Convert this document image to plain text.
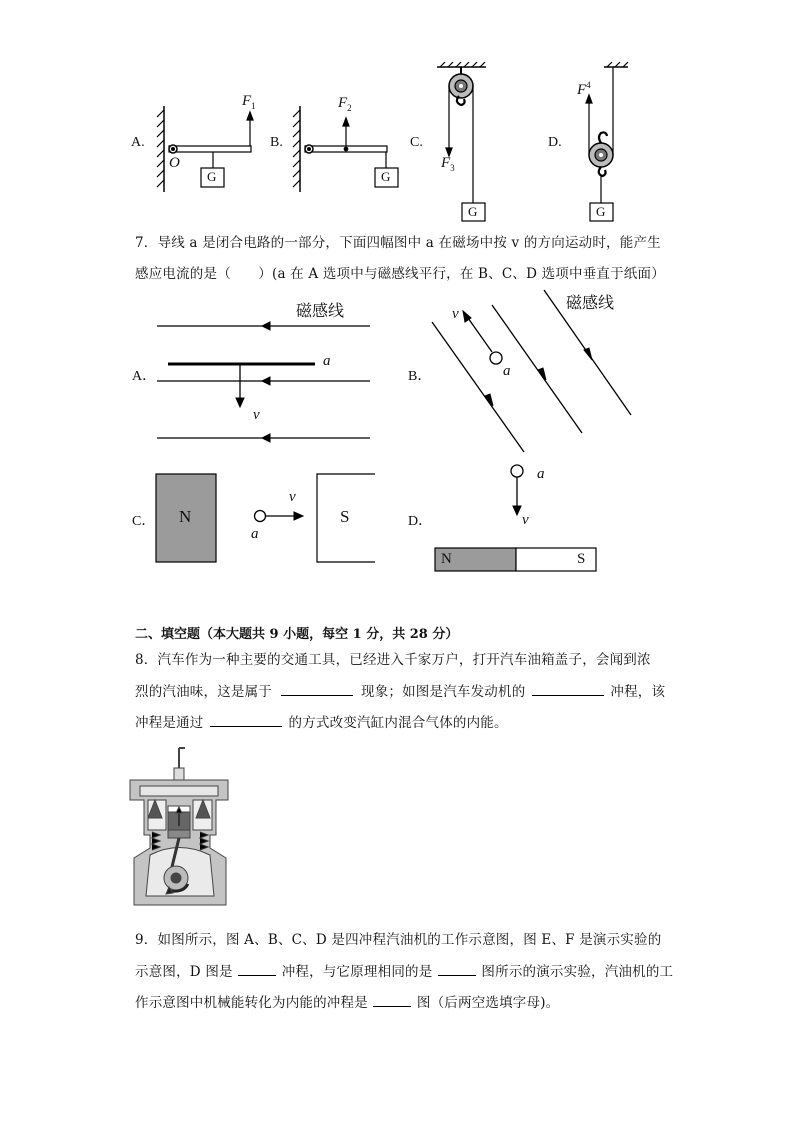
A.	B.	C.	D.
$F_1$	$F_2$
$F_3$
$F^4$
O
G	G
G	G
7．导线 a 是闭合电路的一部分，下面四幅图中 a 在磁场中按 v 的方向运动时，能产生
感应电流的是（　　）(a 在 A 选项中与磁感线平行，在 B、C、D 选项中垂直于纸面）
A．	B．
C．	D．
磁感线	磁感线
a
v
v
a
v
a
a
v
N	S
N	S
二、填空题（本大题共 9 小题，每空 1 分，共 28 分）
8．汽车作为一种主要的交通工具，已经进入千家万户，打开汽车油箱盖子，会闻到浓
烈的汽油味，这是属于	现象；如图是汽车发动机的	冲程，该
冲程是通过	的方式改变汽缸内混合气体的内能。
9．如图所示，图 A、B、C、D 是四冲程汽油机的工作示意图，图 E、F 是演示实验的
示意图，D 图是	冲程，与它原理相同的是	图所示的演示实验，汽油机的工
作示意图中机械能转化为内能的冲程是	图（后两空选填字母)。
